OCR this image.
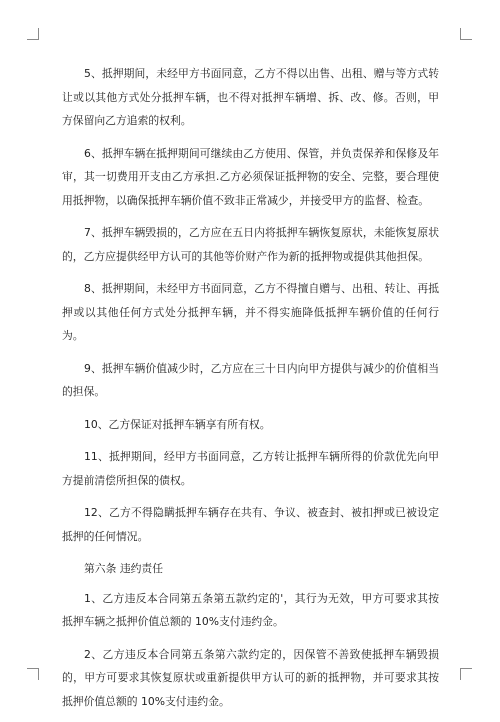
5、抵押期间，未经甲方书面同意，乙方不得以出售、出租、赠与等方式转让或以其他方式处分抵押车辆，也不得对抵押车辆增、拆、改、修。否则，甲方保留向乙方追索的权利。

6、抵押车辆在抵押期间可继续由乙方使用、保管，并负责保养和保修及年审，其一切费用开支由乙方承担.乙方必须保证抵押物的安全、完整，要合理使用抵押物，以确保抵押车辆价值不致非正常减少，并接受甲方的监督、检查。

7、抵押车辆毁损的，乙方应在五日内将抵押车辆恢复原状，未能恢复原状的，乙方应提供经甲方认可的其他等价财产作为新的抵押物或提供其他担保。

8、抵押期间，未经甲方书面同意，乙方不得擅自赠与、出租、转让、再抵押或以其他任何方式处分抵押车辆，并不得实施降低抵押车辆价值的任何行为。

9、抵押车辆价值减少时，乙方应在三十日内向甲方提供与减少的价值相当的担保。

10、乙方保证对抵押车辆享有所有权。

11、抵押期间，经甲方书面同意，乙方转让抵押车辆所得的价款优先向甲方提前清偿所担保的债权。

12、乙方不得隐瞒抵押车辆存在共有、争议、被查封、被扣押或已被设定抵押的任何情况。

第六条 违约责任

1、乙方违反本合同第五条第五款约定的'，其行为无效，甲方可要求其按抵押车辆之抵押价值总额的 10%支付违约金。

2、乙方违反本合同第五条第六款约定的，因保管不善致使抵押车辆毁损的，甲方可要求其恢复原状或重新提供甲方认可的新的抵押物，并可要求其按抵押价值总额的 10%支付违约金。
